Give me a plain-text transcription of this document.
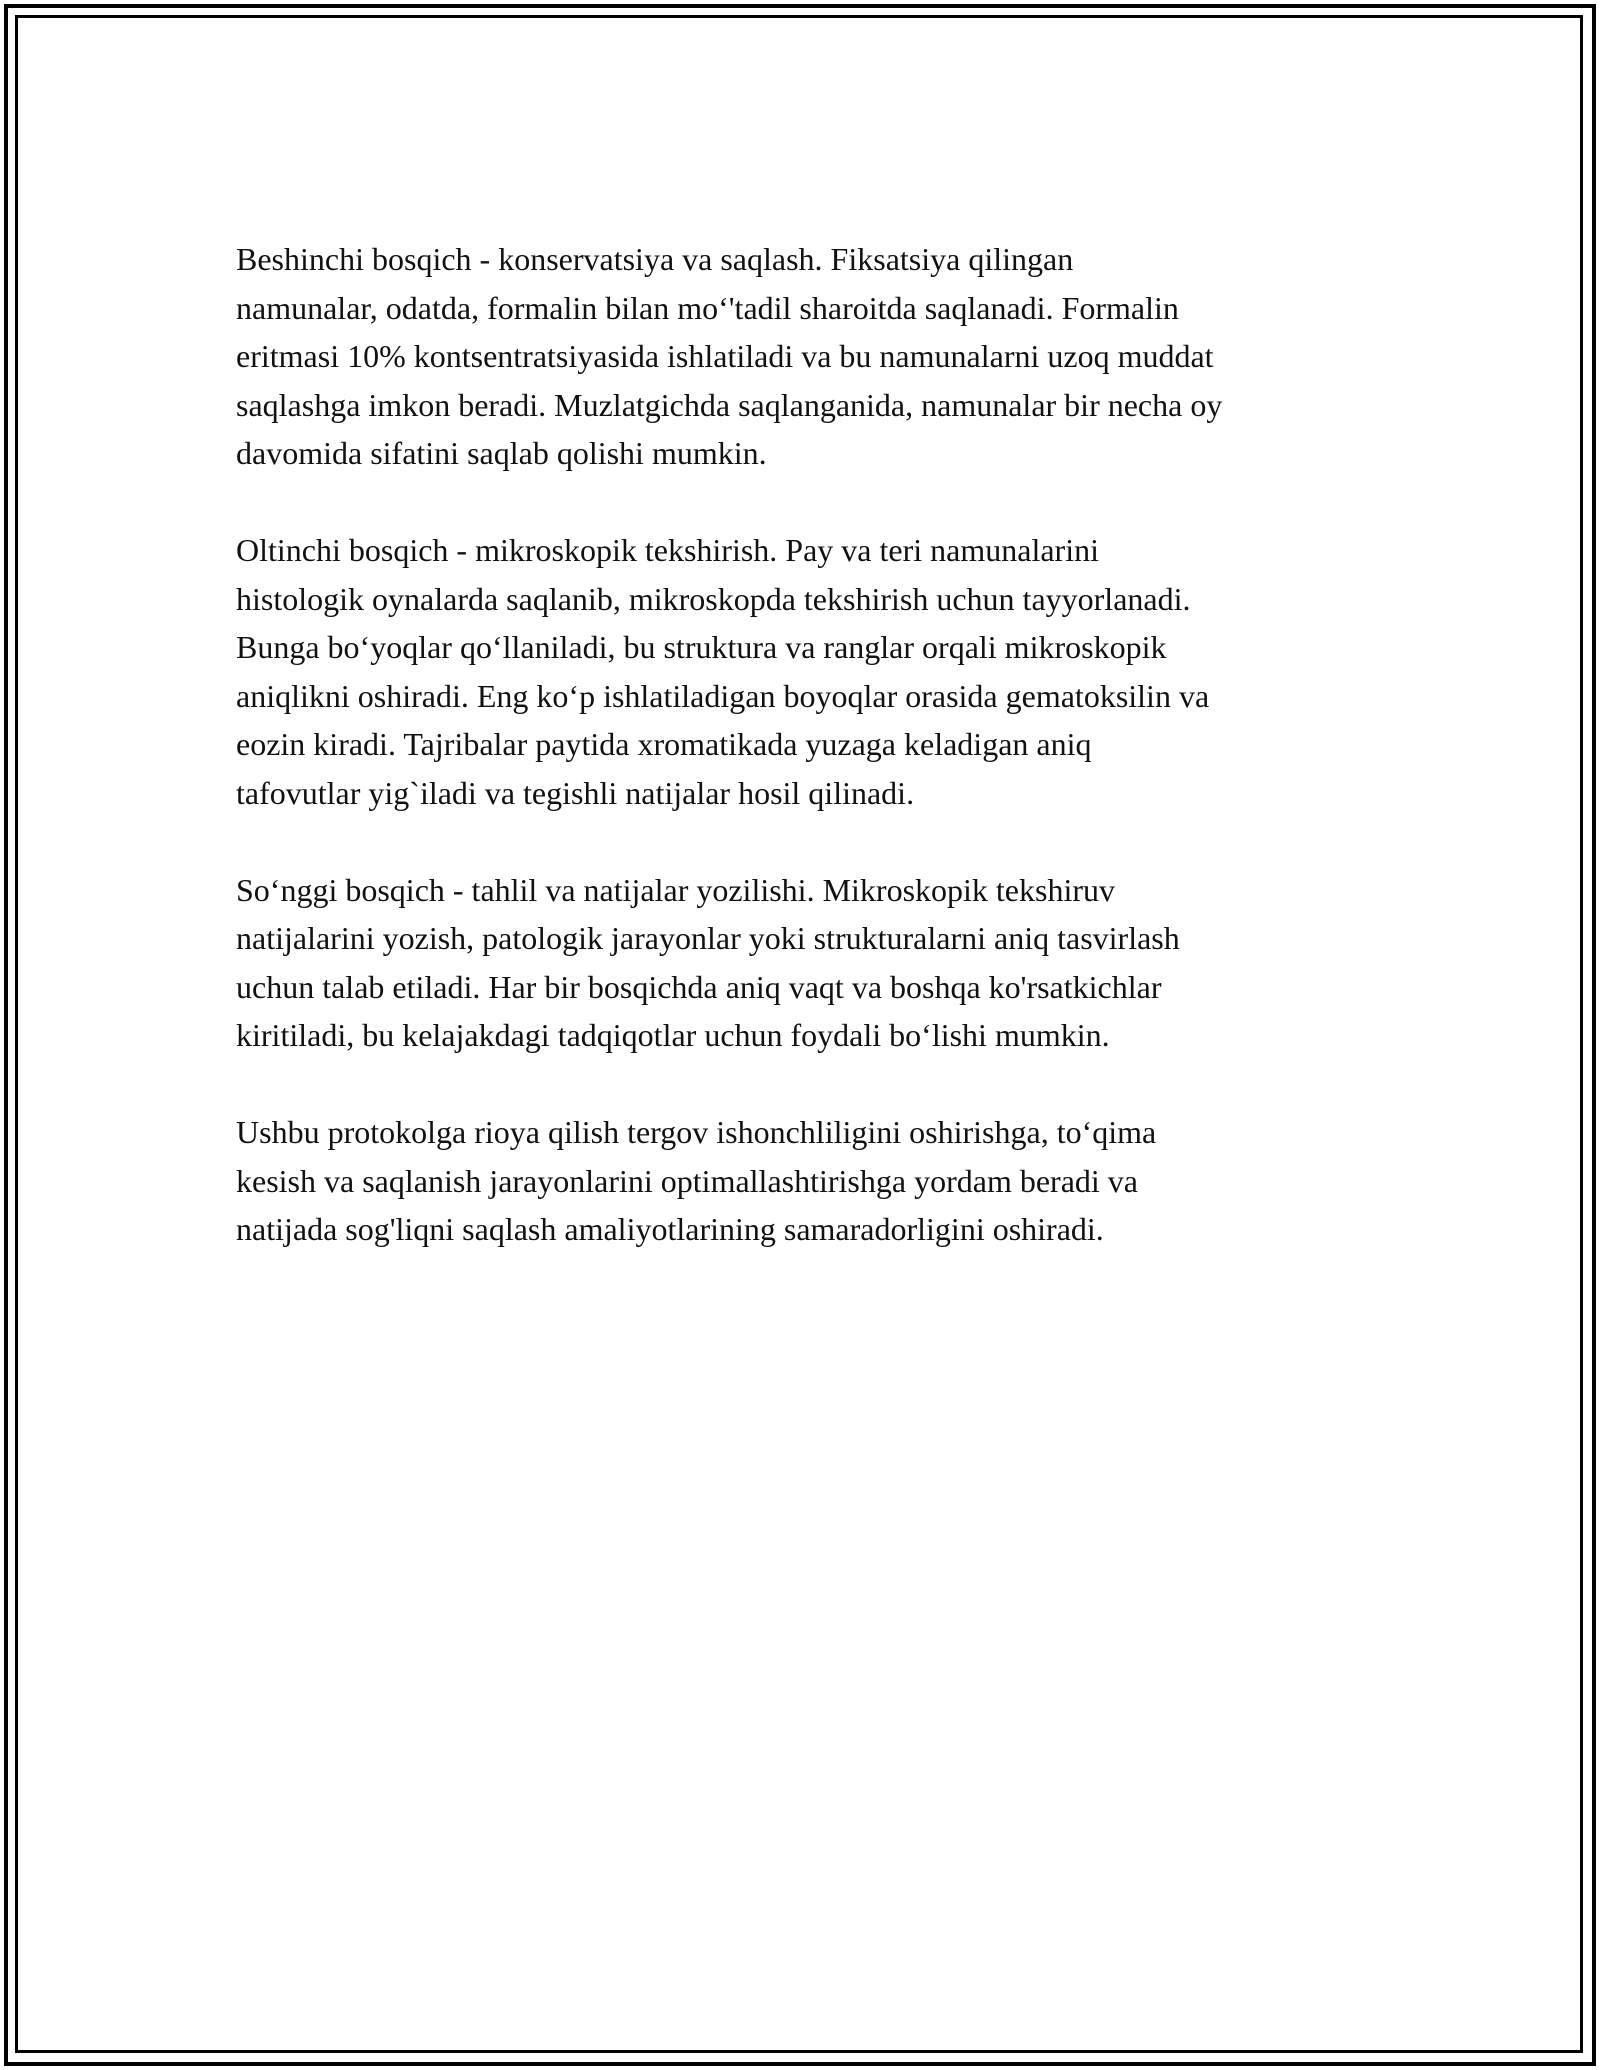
Beshinchi bosqich - konservatsiya va saqlash. Fiksatsiya qilingan
namunalar, odatda, formalin bilan mo‘'tadil sharoitda saqlanadi. Formalin
eritmasi 10% kontsentratsiyasida ishlatiladi va bu namunalarni uzoq muddat
saqlashga imkon beradi. Muzlatgichda saqlanganida, namunalar bir necha oy
davomida sifatini saqlab qolishi mumkin.

Oltinchi bosqich - mikroskopik tekshirish. Pay va teri namunalarini
histologik oynalarda saqlanib, mikroskopda tekshirish uchun tayyorlanadi.
Bunga bo‘yoqlar qo‘llaniladi, bu struktura va ranglar orqali mikroskopik
aniqlikni oshiradi. Eng ko‘p ishlatiladigan boyoqlar orasida gematoksilin va
eozin kiradi. Tajribalar paytida xromatikada yuzaga keladigan aniq
tafovutlar yig`iladi va tegishli natijalar hosil qilinadi.

So‘nggi bosqich - tahlil va natijalar yozilishi. Mikroskopik tekshiruv
natijalarini yozish, patologik jarayonlar yoki strukturalarni aniq tasvirlash
uchun talab etiladi. Har bir bosqichda aniq vaqt va boshqa ko'rsatkichlar
kiritiladi, bu kelajakdagi tadqiqotlar uchun foydali bo‘lishi mumkin.

Ushbu protokolga rioya qilish tergov ishonchliligini oshirishga, to‘qima
kesish va saqlanish jarayonlarini optimallashtirishga yordam beradi va
natijada sog'liqni saqlash amaliyotlarining samaradorligini oshiradi.
